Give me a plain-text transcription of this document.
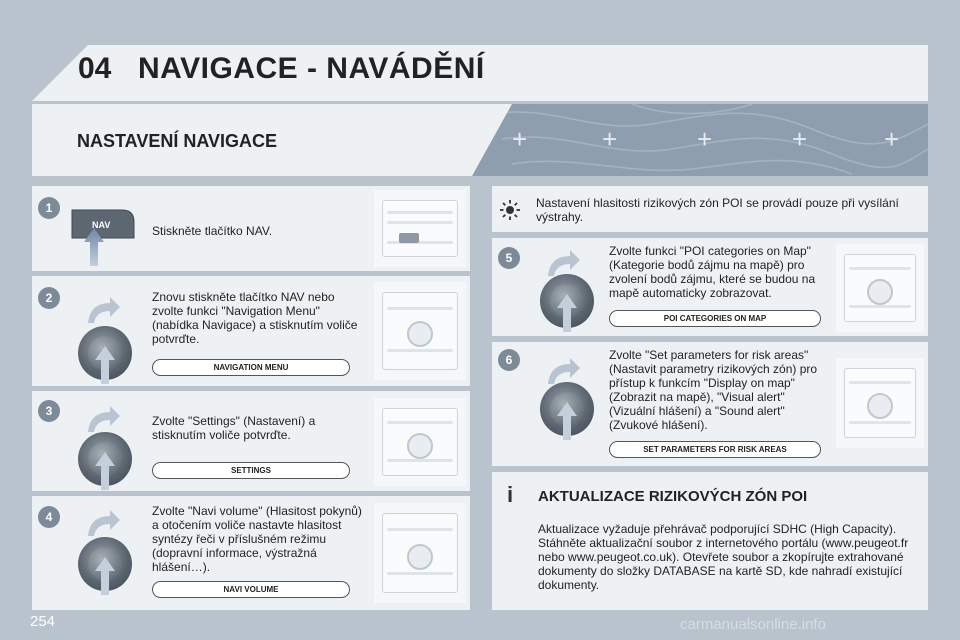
04 NAVIGACE - NAVÁDĚNÍ
+	+	+	+	+
NASTAVENÍ NAVIGACE
1
NAV	Stiskněte tlačítko NAV.
2	Znovu stiskněte tlačítko NAV nebo zvolte funkci "Navigation Menu" (nabídka Navigace) a stisknutím voliče potvrďte.
NAVIGATION MENU
3
Zvolte "Settings" (Nastavení) a stisknutím voliče potvrďte.
SETTINGS
4	Zvolte "Navi volume" (Hlasitost pokynů) a otočením voliče nastavte hlasitost syntézy řeči v příslušném režimu (dopravní informace, výstražná hlášení…).
NAVI VOLUME
Nastavení hlasitosti rizikových zón POI se provádí pouze při vysílání výstrahy.
5	Zvolte funkci "POI categories on Map" (Kategorie bodů zájmu na mapě) pro zvolení bodů zájmu, které se budou na mapě automaticky zobrazovat.
POI CATEGORIES ON MAP
6	Zvolte "Set parameters for risk areas" (Nastavit parametry rizikových zón) pro přístup k funkcím "Display on map" (Zobrazit na mapě), "Visual alert" (Vizuální hlášení) a "Sound alert" (Zvukové hlášení).
SET PARAMETERS FOR RISK AREAS
i	AKTUALIZACE RIZIKOVÝCH ZÓN POI
Aktualizace vyžaduje přehrávač podporující SDHC (High Capacity). Stáhněte aktualizační soubor z internetového portálu (www.peugeot.fr nebo www.peugeot.co.uk). Otevřete soubor a zkopírujte extrahované dokumenty do složky DATABASE na kartě SD, kde nahradí existující dokumenty.
254	carmanualsonline.info
